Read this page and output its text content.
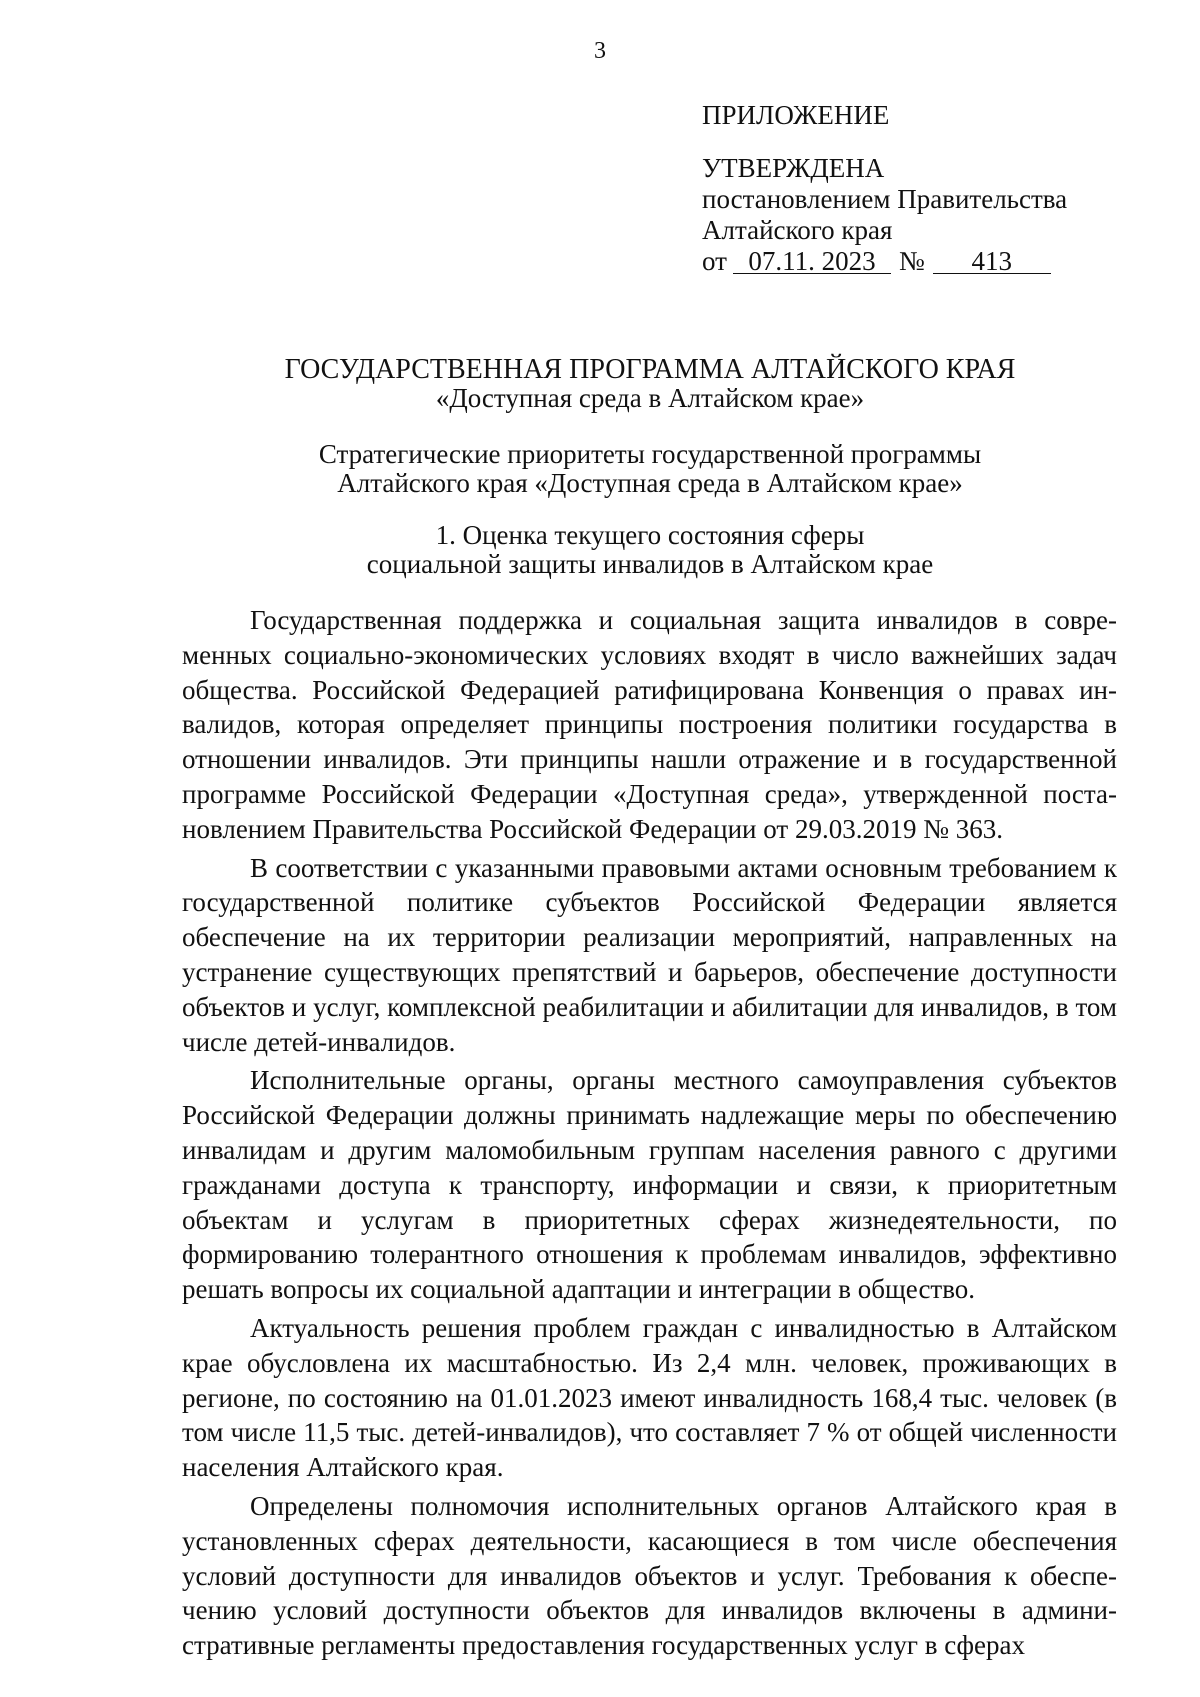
3
ПРИЛОЖЕНИЕ
УТВЕРЖДЕНА
постановлением Правительства
Алтайского края
от 07.11. 2023 № 413
ГОСУДАРСТВЕННАЯ ПРОГРАММА АЛТАЙСКОГО КРАЯ
«Доступная среда в Алтайском крае»
Стратегические приоритеты государственной программы
Алтайского края «Доступная среда в Алтайском крае»
1. Оценка текущего состояния сферы
социальной защиты инвалидов в Алтайском крае

Государственная поддержка и социальная защита инвалидов в современных социально-экономических условиях входят в число важнейших задач общества. Российской Федерацией ратифицирована Конвенция о правах инвалидов, которая определяет принципы построения политики государства в отношении инвалидов. Эти принципы нашли отражение и в государственной программе Российской Федерации «Доступная среда», утвержденной постановлением Правительства Российской Федерации от 29.03.2019 № 363.

В соответствии с указанными правовыми актами основным требованием к государственной политике субъектов Российской Федерации является обеспечение на их территории реализации мероприятий, направленных на устранение существующих препятствий и барьеров, обеспечение доступности объектов и услуг, комплексной реабилитации и абилитации для инвалидов, в том числе детей-инвалидов.

Исполнительные органы, органы местного самоуправления субъектов Российской Федерации должны принимать надлежащие меры по обеспечению инвалидам и другим маломобильным группам населения равного с другими гражданами доступа к транспорту, информации и связи, к приоритетным объектам и услугам в приоритетных сферах жизнедеятельности, по формированию толерантного отношения к проблемам инвалидов, эффективно решать вопросы их социальной адаптации и интеграции в общество.

Актуальность решения проблем граждан с инвалидностью в Алтайском крае обусловлена их масштабностью. Из 2,4 млн. человек, проживающих в регионе, по состоянию на 01.01.2023 имеют инвалидность 168,4 тыс. человек (в том числе 11,5 тыс. детей-инвалидов), что составляет 7 % от общей численности населения Алтайского края.

Определены полномочия исполнительных органов Алтайского края в установленных сферах деятельности, касающиеся в том числе обеспечения условий доступности для инвалидов объектов и услуг. Требования к обеспечению условий доступности объектов для инвалидов включены в административные регламенты предоставления государственных услуг в сферах
